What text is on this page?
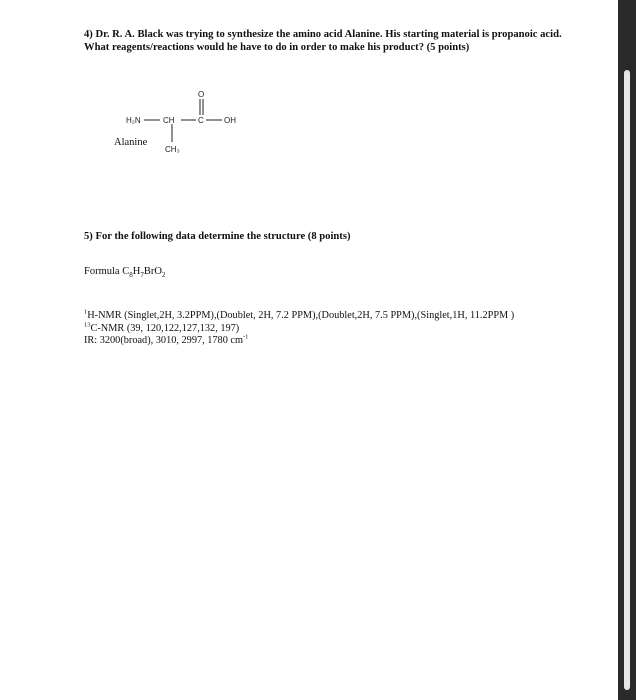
4) Dr. R. A. Black was trying to synthesize the amino acid Alanine. His starting material is propanoic acid. What reagents/reactions would he have to do in order to make his product? (5 points)
H₂N	CH	C
O
OH
CH₃
Alanine
5) For the following data determine the structure (8 points)
Formula $C_8H_7BrO_2$
$^1$H-NMR (Singlet,2H, 3.2PPM),(Doublet, 2H, 7.2 PPM),(Doublet,2H, 7.5 PPM),(Singlet,1H, 11.2PPM )
$^{13}$C-NMR (39, 120,122,127,132, 197)
IR: 3200(broad), 3010, 2997, 1780 $cm^{-1}$
